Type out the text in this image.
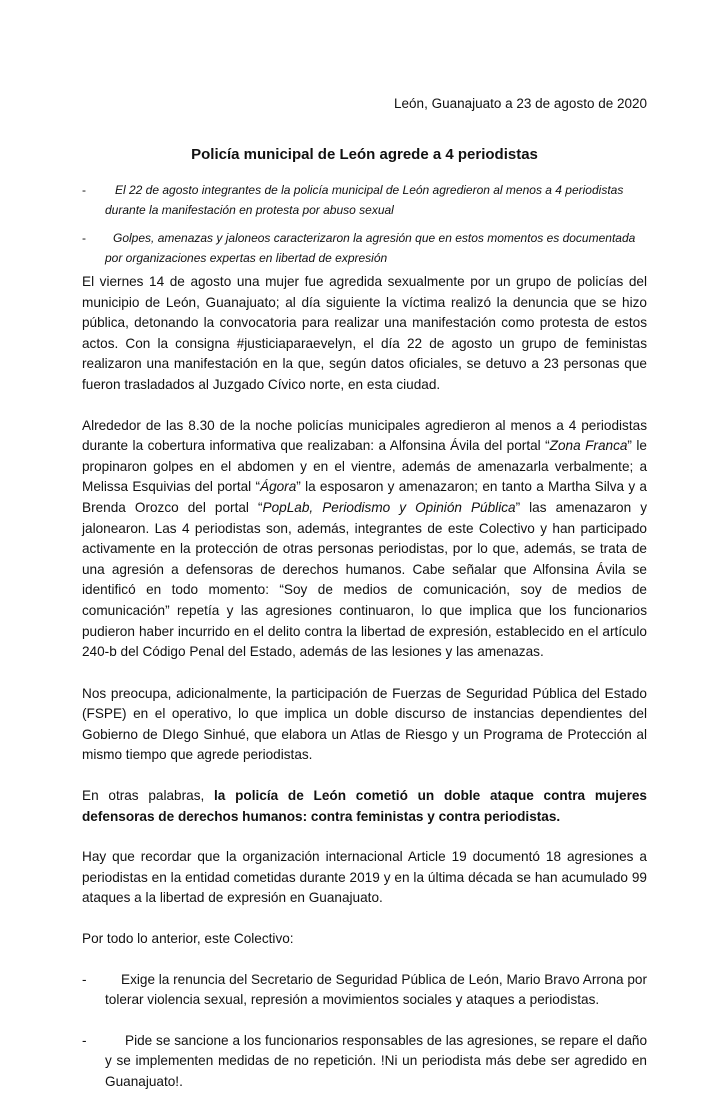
León, Guanajuato a 23 de agosto de 2020
Policía municipal de León agrede a 4 periodistas
-	El 22 de agosto integrantes de la policía municipal de León agredieron al menos a 4 periodistas durante la manifestación en protesta por abuso sexual
-	Golpes, amenazas y jaloneos caracterizaron la agresión que en estos momentos es documentada por organizaciones expertas en libertad de expresión

El viernes 14 de agosto una mujer fue agredida sexualmente por un grupo de policías del municipio de León, Guanajuato; al día siguiente la víctima realizó la denuncia que se hizo pública, detonando la convocatoria para realizar una manifestación como protesta de estos actos. Con la consigna #justiciaparaevelyn, el día 22 de agosto un grupo de feministas realizaron una manifestación en la que, según datos oficiales, se detuvo a 23 personas que fueron trasladados al Juzgado Cívico norte, en esta ciudad.

Alrededor de las 8.30 de la noche policías municipales agredieron al menos a 4 periodistas durante la cobertura informativa que realizaban: a Alfonsina Ávila del portal “Zona Franca” le propinaron golpes en el abdomen y en el vientre, además de amenazarla verbalmente; a Melissa Esquivias del portal “Ágora” la esposaron y amenazaron; en tanto a Martha Silva y a Brenda Orozco del portal “PopLab, Periodismo y Opinión Pública” las amenazaron y jalonearon. Las 4 periodistas son, además, integrantes de este Colectivo y han participado activamente en la protección de otras personas periodistas, por lo que, además, se trata de una agresión a defensoras de derechos humanos. Cabe señalar que Alfonsina Ávila se identificó en todo momento: “Soy de medios de comunicación, soy de medios de comunicación” repetía y las agresiones continuaron, lo que implica que los funcionarios pudieron haber incurrido en el delito contra la libertad de expresión, establecido en el artículo 240-b del Código Penal del Estado, además de las lesiones y las amenazas.

Nos preocupa, adicionalmente, la participación de Fuerzas de Seguridad Pública del Estado (FSPE) en el operativo, lo que implica un doble discurso de instancias dependientes del Gobierno de DIego Sinhué, que elabora un Atlas de Riesgo y un Programa de Protección al mismo tiempo que agrede periodistas.

En otras palabras, la policía de León cometió un doble ataque contra mujeres defensoras de derechos humanos: contra feministas y contra periodistas.

Hay que recordar que la organización internacional Article 19 documentó 18 agresiones a periodistas en la entidad cometidas durante 2019 y en la última década se han acumulado 99 ataques a la libertad de expresión en Guanajuato.

Por todo lo anterior, este Colectivo:

-	Exige la renuncia del Secretario de Seguridad Pública de León, Mario Bravo Arrona por tolerar violencia sexual, represión a movimientos sociales y ataques a periodistas.
-	Pide se sancione a los funcionarios responsables de las agresiones, se repare el daño y se implementen medidas de no repetición. !Ni un periodista más debe ser agredido en Guanajuato!.
